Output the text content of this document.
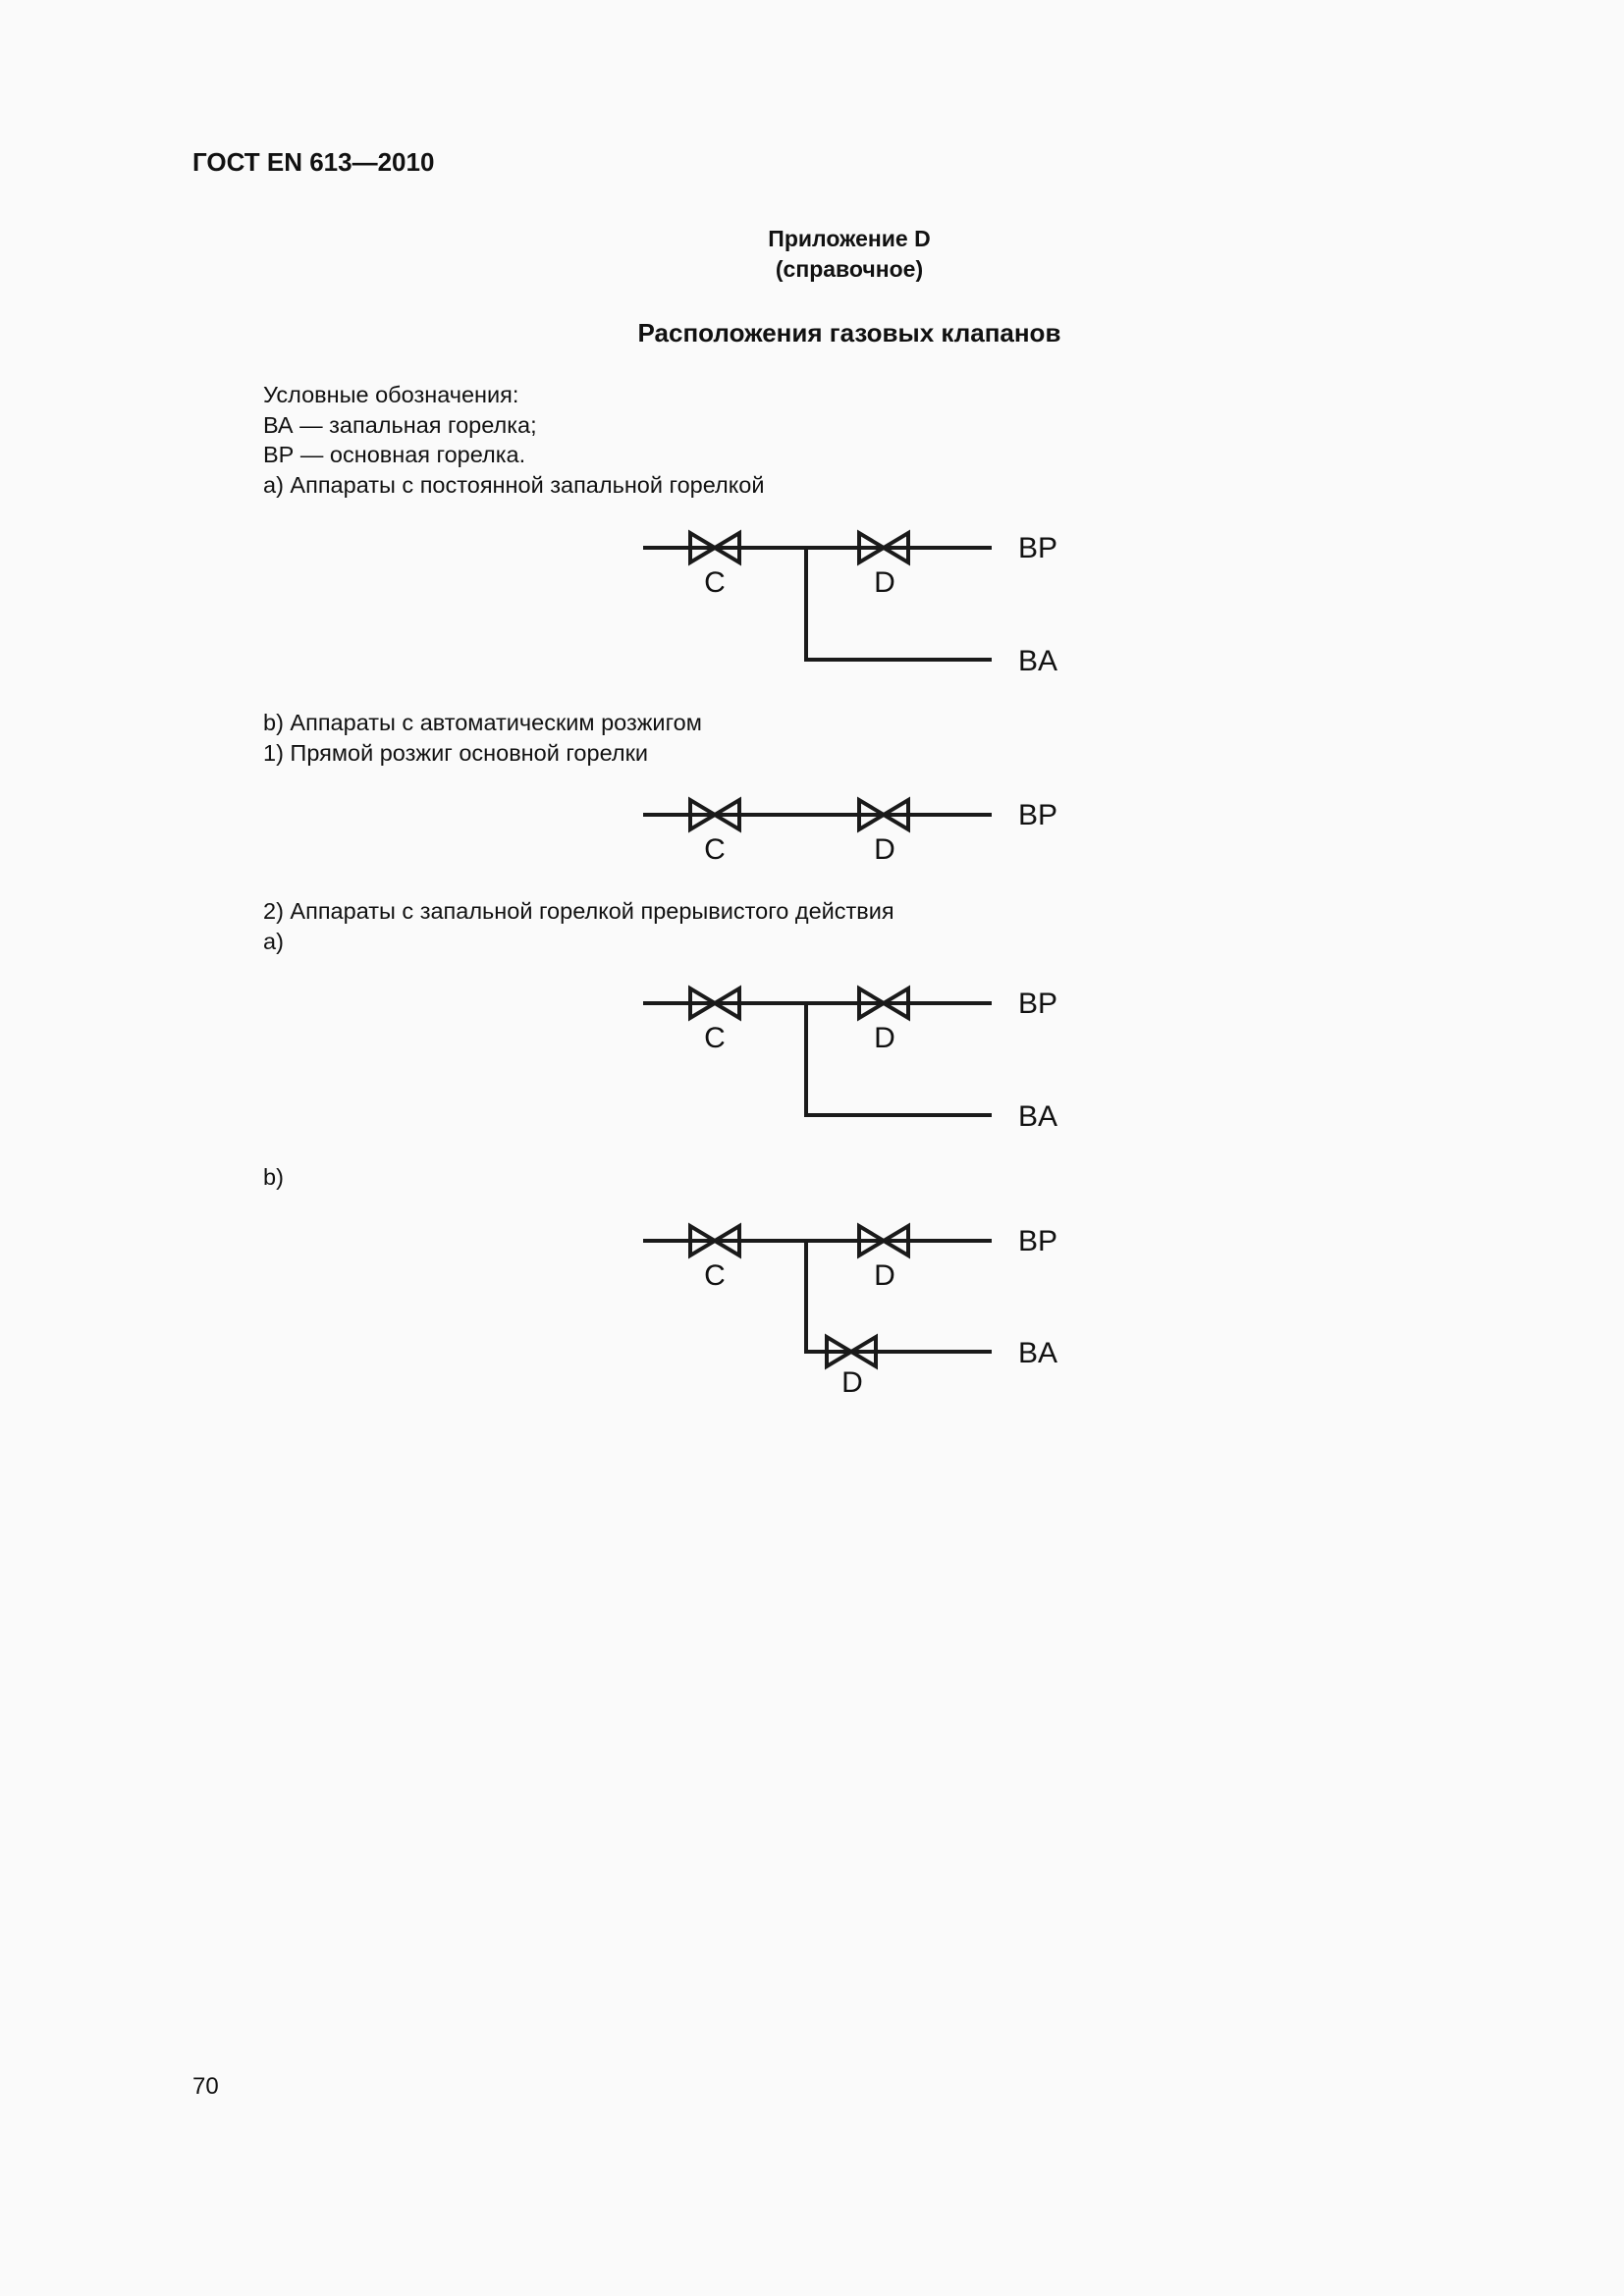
ГОСТ EN 613—2010
Приложение D
(справочное)
Расположения газовых клапанов
Условные обозначения:
ВА — запальная горелка;
ВР — основная горелка.
a) Аппараты с постоянной запальной горелкой
C	D
BP
BA
b) Аппараты с автоматическим розжигом
1) Прямой розжиг основной горелки
C	D
BP
2) Аппараты с запальной горелкой прерывистого действия
a)
C	D
BP
BA
b)
C	D
D
BP
BA
70
